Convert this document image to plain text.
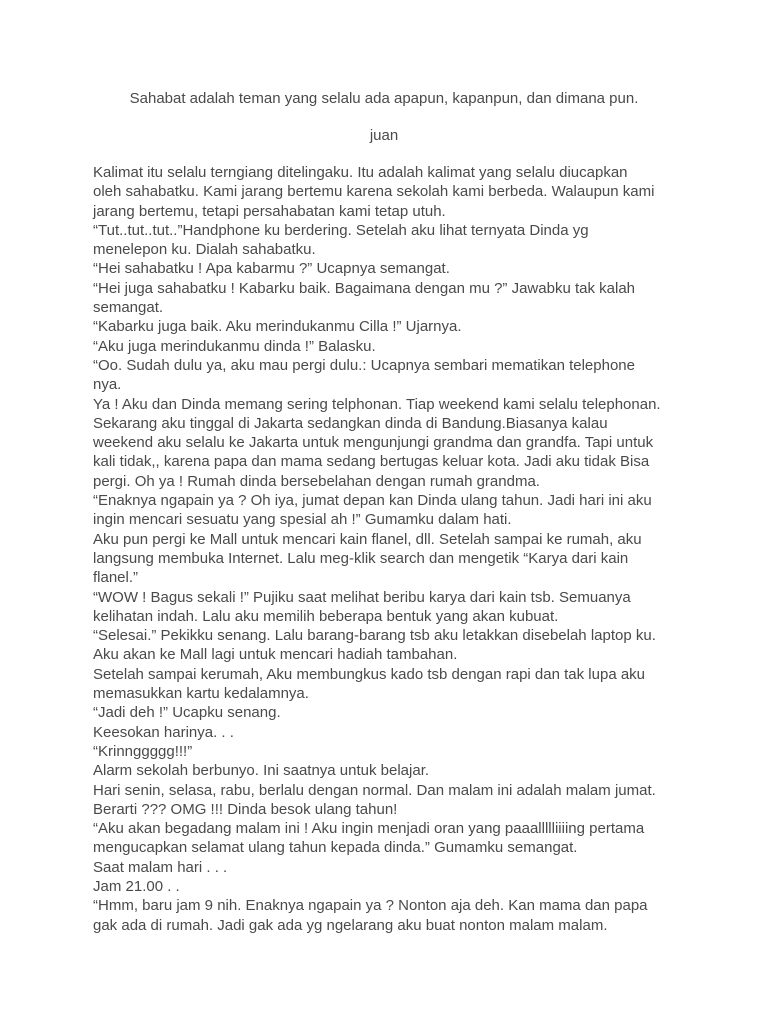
Sahabat adalah teman yang selalu ada apapun, kapanpun, dan dimana pun.
juan

Kalimat itu selalu terngiang ditelingaku. Itu adalah kalimat yang selalu diucapkan

oleh sahabatku. Kami jarang bertemu karena sekolah kami berbeda. Walaupun kami

jarang bertemu, tetapi persahabatan kami tetap utuh.

“Tut..tut..tut..”Handphone ku berdering. Setelah aku lihat ternyata Dinda yg

menelepon ku. Dialah sahabatku.

“Hei sahabatku ! Apa kabarmu ?” Ucapnya semangat.

“Hei juga sahabatku ! Kabarku baik. Bagaimana dengan mu ?” Jawabku tak kalah

semangat.

“Kabarku juga baik. Aku merindukanmu Cilla !” Ujarnya.

“Aku juga merindukanmu dinda !” Balasku.

“Oo. Sudah dulu ya, aku mau pergi dulu.: Ucapnya sembari mematikan telephone

nya.

Ya ! Aku dan Dinda memang sering telphonan. Tiap weekend kami selalu telephonan.

Sekarang aku tinggal di Jakarta sedangkan dinda di Bandung.Biasanya kalau

weekend aku selalu ke Jakarta untuk mengunjungi grandma dan grandfa. Tapi untuk

kali tidak,, karena papa dan mama sedang bertugas keluar kota. Jadi aku tidak Bisa

pergi. Oh ya ! Rumah dinda bersebelahan dengan rumah grandma.

“Enaknya ngapain ya ? Oh iya, jumat depan kan Dinda ulang tahun. Jadi hari ini aku

ingin mencari sesuatu yang spesial ah !” Gumamku dalam hati.

Aku pun pergi ke Mall untuk mencari kain flanel, dll. Setelah sampai ke rumah, aku

langsung membuka Internet. Lalu meg-klik search dan mengetik “Karya dari kain

flanel.”

“WOW ! Bagus sekali !” Pujiku saat melihat beribu karya dari kain tsb. Semuanya

kelihatan indah. Lalu aku memilih beberapa bentuk yang akan kubuat.

“Selesai.” Pekikku senang. Lalu barang-barang tsb aku letakkan disebelah laptop ku.

Aku akan ke Mall lagi untuk mencari hadiah tambahan.

Setelah sampai kerumah, Aku membungkus kado tsb dengan rapi dan tak lupa aku

memasukkan kartu kedalamnya.

“Jadi deh !” Ucapku senang.

Keesokan harinya. . .

“Krinnggggg!!!”

Alarm sekolah berbunyo. Ini saatnya untuk belajar.

Hari senin, selasa, rabu, berlalu dengan normal. Dan malam ini adalah malam jumat.

Berarti ??? OMG !!! Dinda besok ulang tahun!

“Aku akan begadang malam ini ! Aku ingin menjadi oran yang paaallllliiiing pertama

mengucapkan selamat ulang tahun kepada dinda.” Gumamku semangat.

Saat malam hari . . .

Jam 21.00 . .

“Hmm, baru jam 9 nih. Enaknya ngapain ya ? Nonton aja deh. Kan mama dan papa

gak ada di rumah. Jadi gak ada yg ngelarang aku buat nonton malam malam.
